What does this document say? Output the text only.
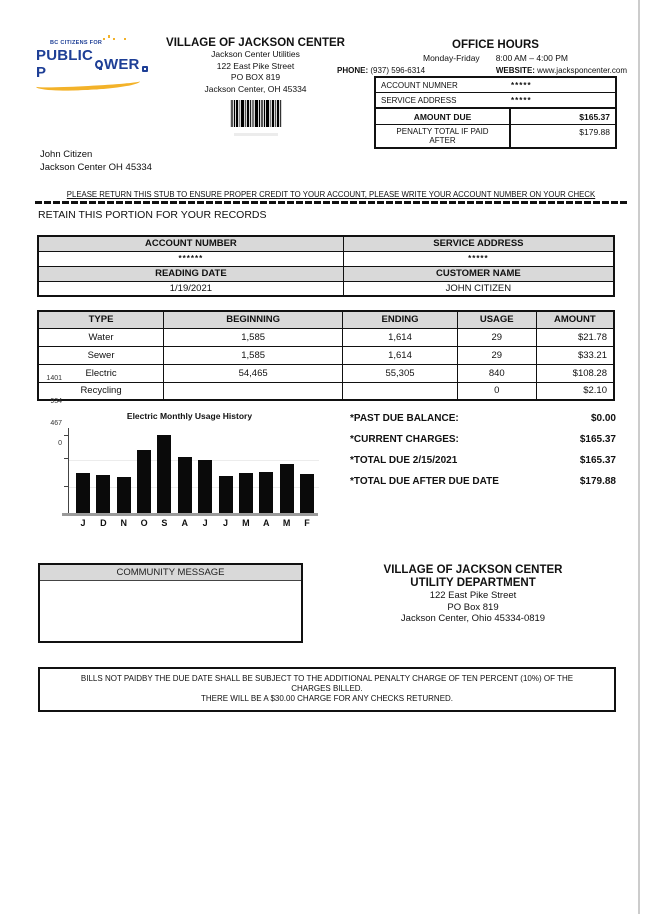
BC CITIZENS FOR
PUBLIC P	WER
VILLAGE OF JACKSON CENTER
Jackson Center Utilities
122 East Pike Street
PO BOX 819
Jackson Center, OH 45334
OFFICE HOURS
Monday-Friday 8:00 AM – 4:00 PM
PHONE: (937) 596-6314	WEBSITE: www.jacksponcenter.com
ACCOUNT NUMNER	*****
SERVICE ADDRESS	*****
AMOUNT DUE	$165.37
PENALTY TOTAL IF PAID AFTER
$179.88
John Citizen
Jackson Center OH 45334
PLEASE RETURN THIS STUB TO ENSURE PROPER CREDIT TO YOUR ACCOUNT, PLEASE WRITE YOUR ACCOUNT NUMBER ON YOUR CHECK
RETAIN THIS PORTION FOR YOUR RECORDS
ACCOUNT NUMBER	SERVICE ADDRESS
******	*****
READING DATE	CUSTOMER NAME
1/19/2021	JOHN CITIZEN
TYPE	BEGINNING	ENDING	USAGE	AMOUNT
Water	1,585	1,614	29	$21.78
Sewer	1,585	1,614	29	$33.21
Electric	54,465	55,305	840	$108.28
Recycling			0	$2.10
1401
934
467
0
Electric Monthly Usage History
J	D	N	O	S	A	J	J	M	A	M	F
*PAST DUE BALANCE:	$0.00
*CURRENT CHARGES:	$165.37
*TOTAL DUE 2/15/2021	$165.37
*TOTAL DUE AFTER DUE DATE	$179.88
COMMUNITY MESSAGE	VILLAGE OF JACKSON CENTER
UTILITY DEPARTMENT
122 East Pike Street
PO Box 819
Jackson Center, Ohio 45334-0819
BILLS NOT PAIDBY THE DUE DATE SHALL BE SUBJECT TO THE ADDITIONAL PENALTY CHARGE OF TEN PERCENT (10%) OF THE CHARGES BILLED.
THERE WILL BE A $30.00 CHARGE FOR ANY CHECKS RETURNED.
